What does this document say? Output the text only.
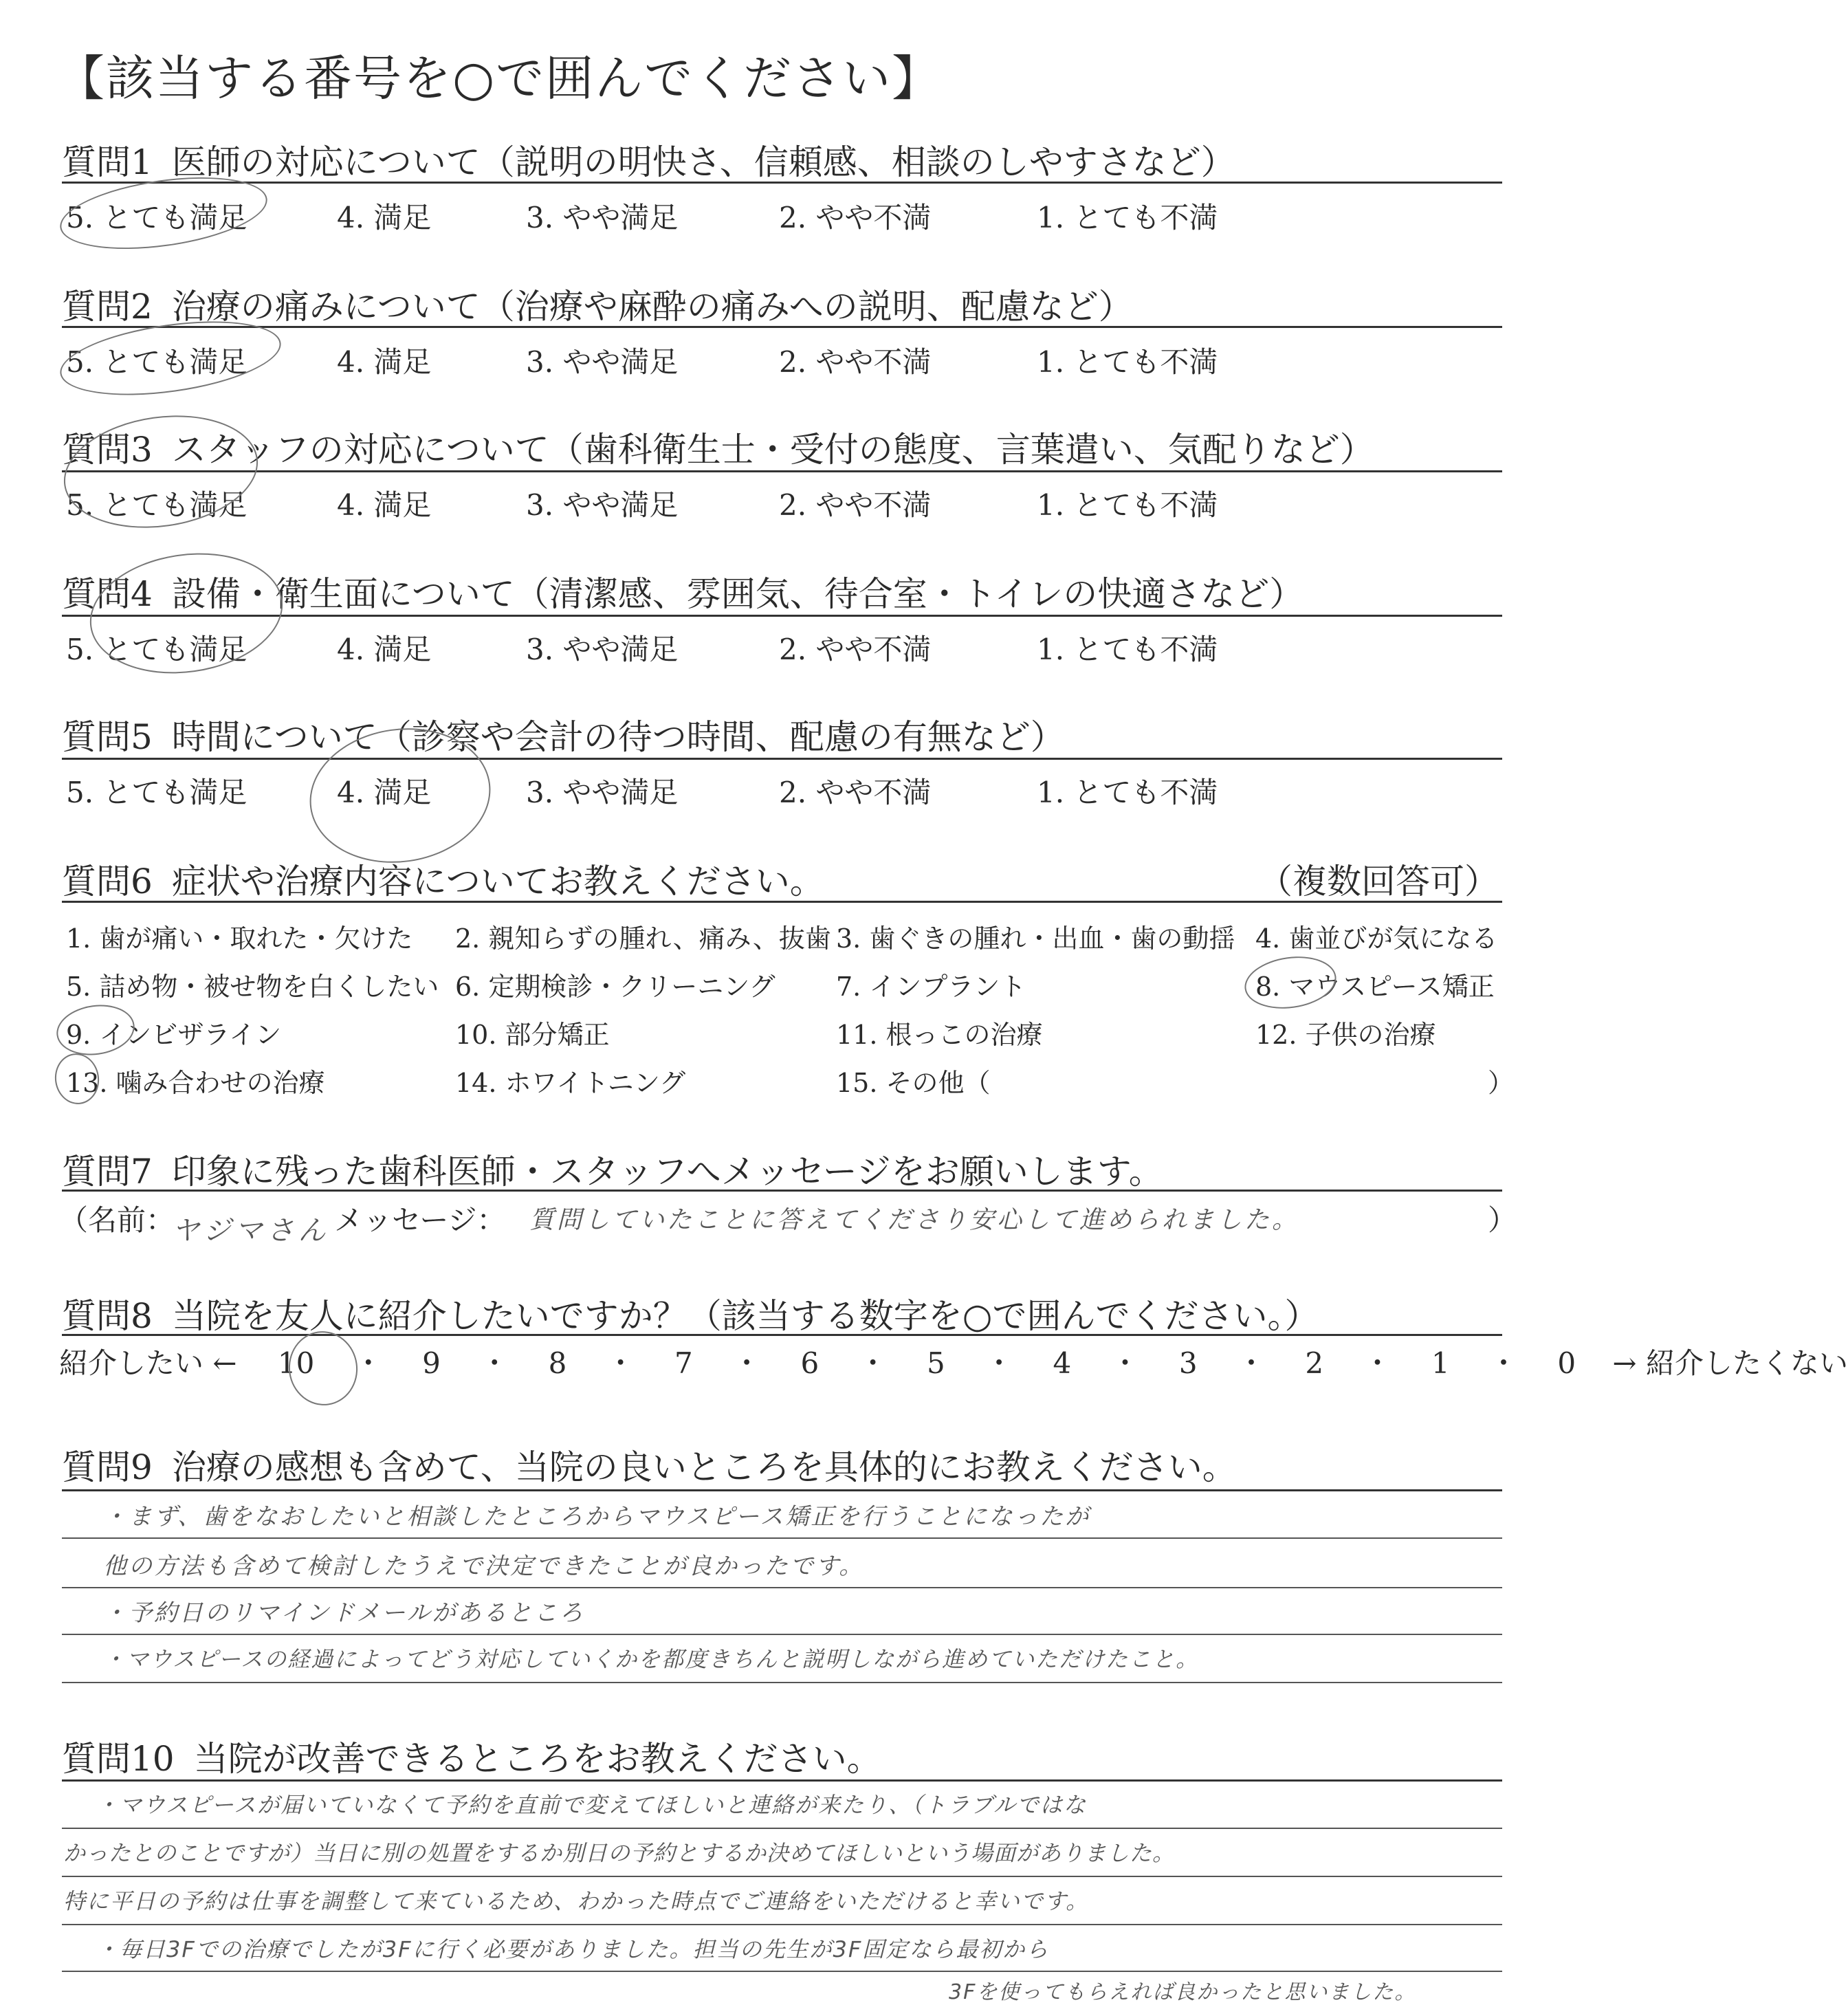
【該当する番号を○で囲んでください】
質問1 医師の対応について（説明の明快さ、信頼感、相談のしやすさなど）
5. とても満足	4. 満足	3. やや満足	2. やや不満	1. とても不満
質問2 治療の痛みについて（治療や麻酔の痛みへの説明、配慮など）
5. とても満足	4. 満足	3. やや満足	2. やや不満	1. とても不満
質問3 スタッフの対応について（歯科衛生士・受付の態度、言葉遣い、気配りなど）
5. とても満足	4. 満足	3. やや満足	2. やや不満	1. とても不満
質問4 設備・衛生面について（清潔感、雰囲気、待合室・トイレの快適さなど）
5. とても満足	4. 満足	3. やや満足	2. やや不満	1. とても不満
質問5 時間について（診察や会計の待つ時間、配慮の有無など）
5. とても満足	4. 満足	3. やや満足	2. やや不満	1. とても不満
質問6 症状や治療内容についてお教えください。	（複数回答可）
1. 歯が痛い・取れた・欠けた 2. 親知らずの腫れ、痛み、抜歯 3. 歯ぐきの腫れ・出血・歯の動揺 4. 歯並びが気になる
5. 詰め物・被せ物を白くしたい 6. 定期検診・クリーニング 7. インプラント	8. マウスピース矯正
9. インビザライン	10. 部分矯正	11. 根っこの治療	12. 子供の治療
13. 噛み合わせの治療	14. ホワイトニング	15. その他（	）
質問7 印象に残った歯科医師・スタッフへメッセージをお願いします。
（名前：
ヤジマさん メッセージ： 質問していたことに答えてくださり安心して進められました。	）
質問8 当院を友人に紹介したいですか？（該当する数字を○で囲んでください。）
紹介したい ← 10 ・ 9 ・ 8 ・ 7 ・ 6 ・ 5 ・ 4 ・ 3 ・ 2 ・ 1 ・ 0 → 紹介したくない
質問9 治療の感想も含めて、当院の良いところを具体的にお教えください。
・まず、歯をなおしたいと相談したところからマウスピース矯正を行うことになったが
他の方法も含めて検討したうえで決定できたことが良かったです。
・予約日のリマインドメールがあるところ
・マウスピースの経過によってどう対応していくかを都度きちんと説明しながら進めていただけたこと。
質問10 当院が改善できるところをお教えください。
・マウスピースが届いていなくて予約を直前で変えてほしいと連絡が来たり、（トラブルではな
かったとのことですが）当日に別の処置をするか別日の予約とするか決めてほしいという場面がありました。
特に平日の予約は仕事を調整して来ているため、わかった時点でご連絡をいただけると幸いです。
・毎日3Fでの治療でしたが3Fに行く必要がありました。担当の先生が3F固定なら最初から
3Fを使ってもらえれば良かったと思いました。
